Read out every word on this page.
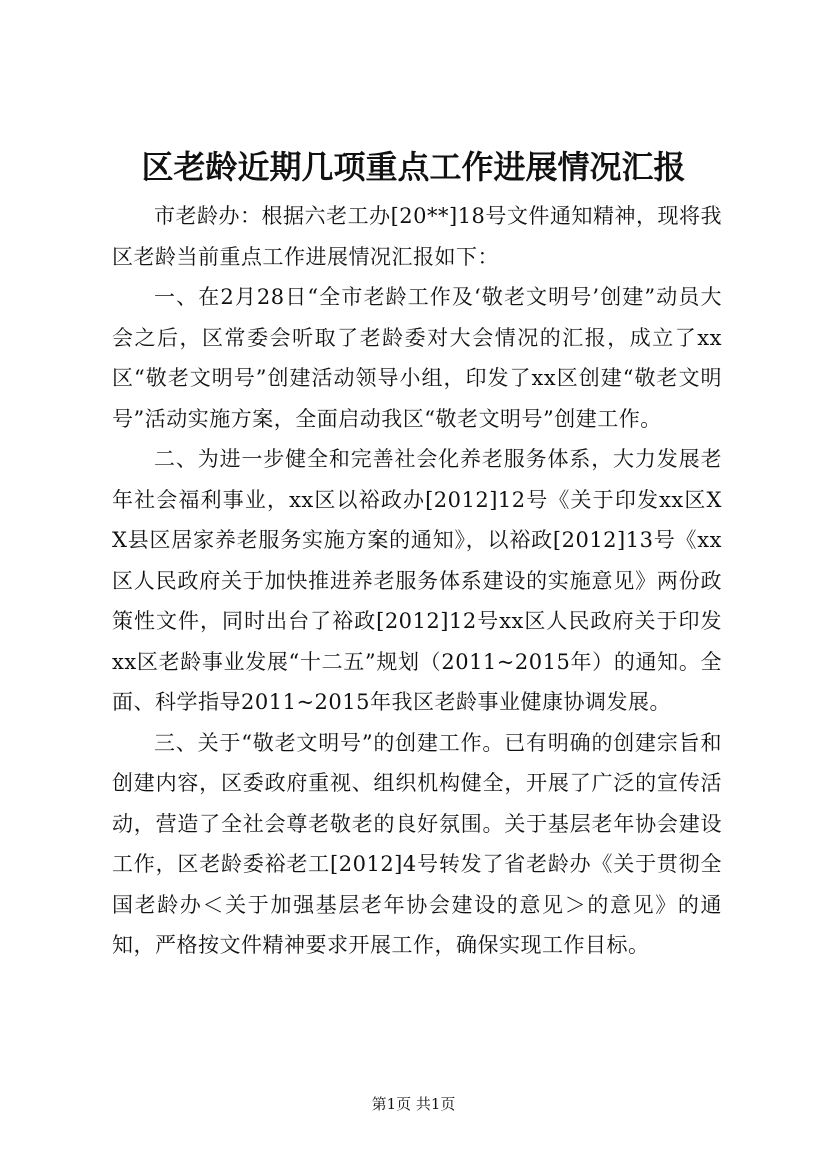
区老龄近期几项重点工作进展情况汇报

市老龄办：根据六老工办[20**]18号文件通知精神，现将我区老龄当前重点工作进展情况汇报如下：

一、在2月28日“全市老龄工作及‘敬老文明号’创建”动员大会之后，区常委会听取了老龄委对大会情况的汇报，成立了xx区“敬老文明号”创建活动领导小组，印发了xx区创建“敬老文明号”活动实施方案，全面启动我区“敬老文明号”创建工作。

二、为进一步健全和完善社会化养老服务体系，大力发展老年社会福利事业，xx区以裕政办[2012]12号《关于印发xx区XX县区居家养老服务实施方案的通知》，以裕政[2012]13号《xx区人民政府关于加快推进养老服务体系建设的实施意见》两份政策性文件，同时出台了裕政[2012]12号xx区人民政府关于印发xx区老龄事业发展“十二五”规划（2011~2015年）的通知。全面、科学指导2011~2015年我区老龄事业健康协调发展。

三、关于“敬老文明号”的创建工作。已有明确的创建宗旨和创建内容，区委政府重视、组织机构健全，开展了广泛的宣传活动，营造了全社会尊老敬老的良好氛围。关于基层老年协会建设工作，区老龄委裕老工[2012]4号转发了省老龄办《关于贯彻全国老龄办＜关于加强基层老年协会建设的意见＞的意见》的通知，严格按文件精神要求开展工作，确保实现工作目标。

第1页 共1页
